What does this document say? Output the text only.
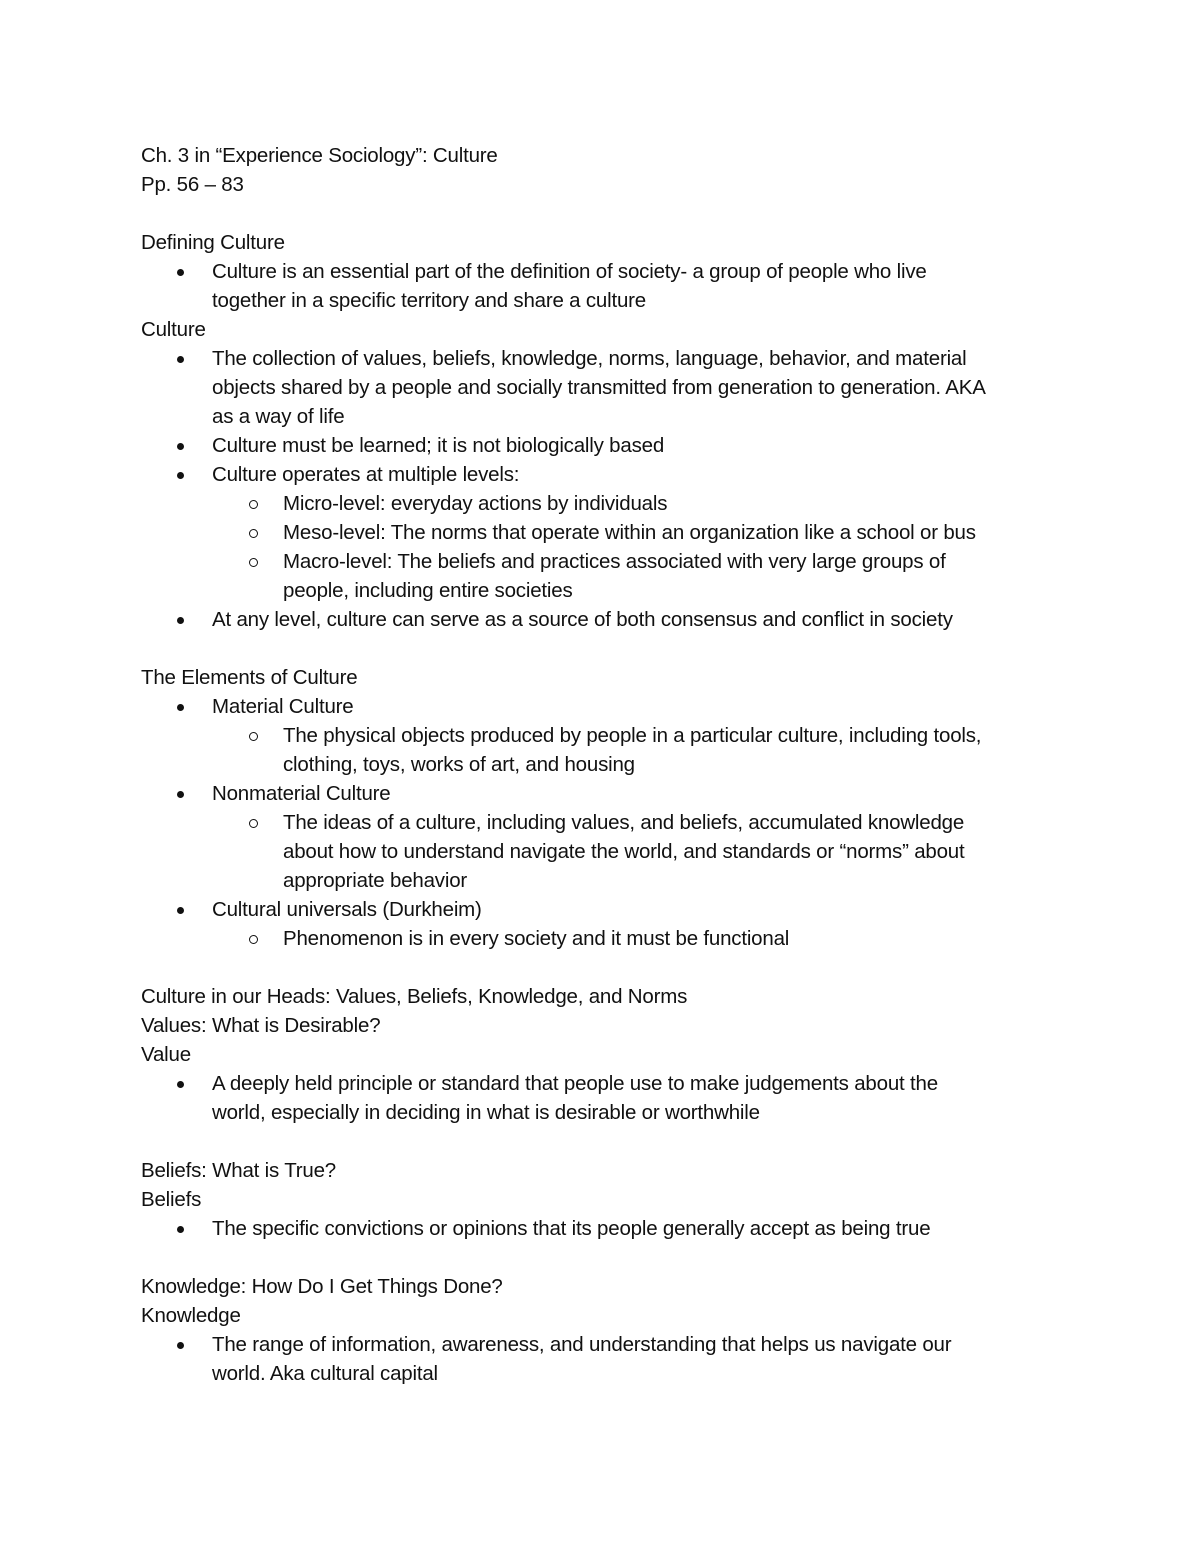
Ch. 3 in “Experience Sociology”: Culture

Pp. 56 – 83

Defining Culture

Culture is an essential part of the definition of society- a group of people who live
together in a specific territory and share a culture

Culture

The collection of values, beliefs, knowledge, norms, language, behavior, and material
objects shared by a people and socially transmitted from generation to generation. AKA
as a way of life
Culture must be learned; it is not biologically based
Culture operates at multiple levels:
Micro-level: everyday actions by individuals
Meso-level: The norms that operate within an organization like a school or bus
Macro-level: The beliefs and practices associated with very large groups of
people, including entire societies
At any level, culture can serve as a source of both consensus and conflict in society

The Elements of Culture

Material Culture
The physical objects produced by people in a particular culture, including tools,
clothing, toys, works of art, and housing
Nonmaterial Culture
The ideas of a culture, including values, and beliefs, accumulated knowledge
about how to understand navigate the world, and standards or “norms” about
appropriate behavior
Cultural universals (Durkheim)
Phenomenon is in every society and it must be functional

Culture in our Heads: Values, Beliefs, Knowledge, and Norms

Values: What is Desirable?

Value

A deeply held principle or standard that people use to make judgements about the
world, especially in deciding in what is desirable or worthwhile

Beliefs: What is True?

Beliefs

The specific convictions or opinions that its people generally accept as being true

Knowledge: How Do I Get Things Done?

Knowledge

The range of information, awareness, and understanding that helps us navigate our
world. Aka cultural capital
